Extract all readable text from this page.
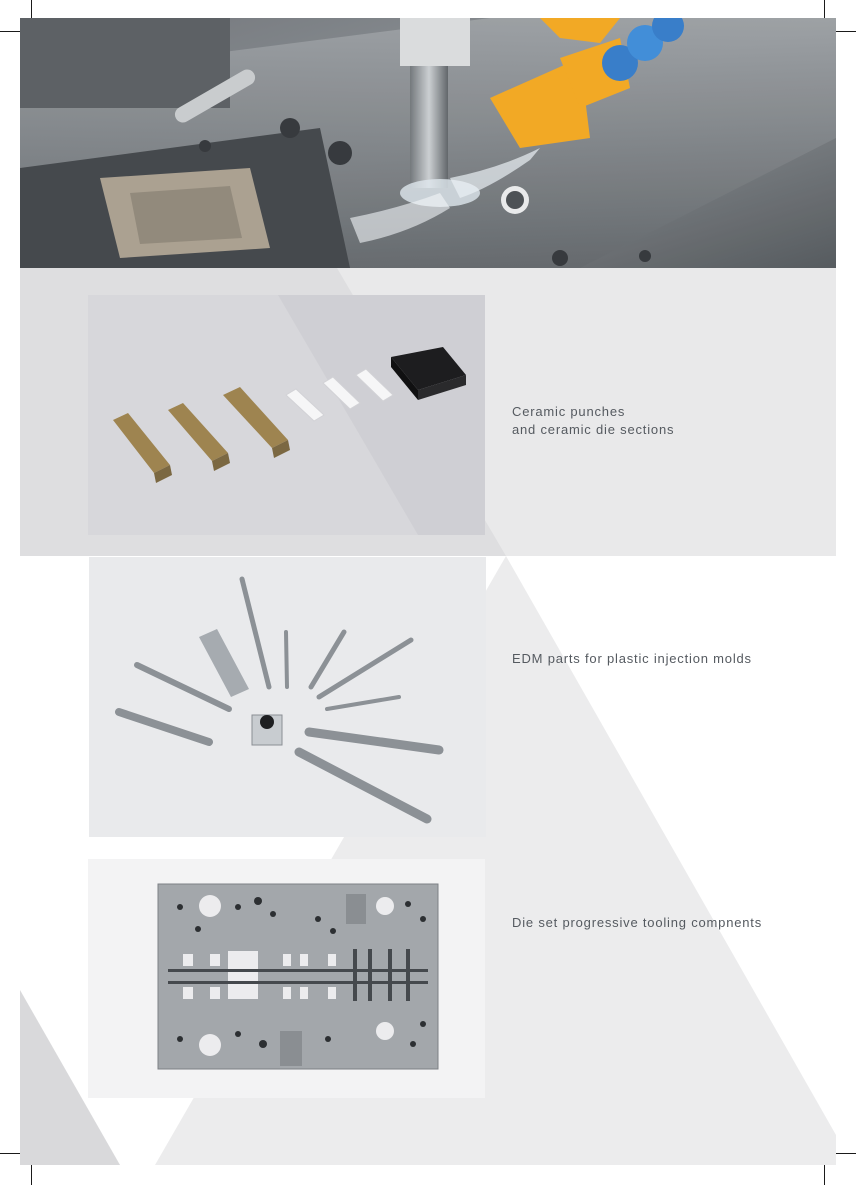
Ceramic punches
and ceramic die sections
EDM parts for plastic injection molds
Die set progressive tooling compnents
